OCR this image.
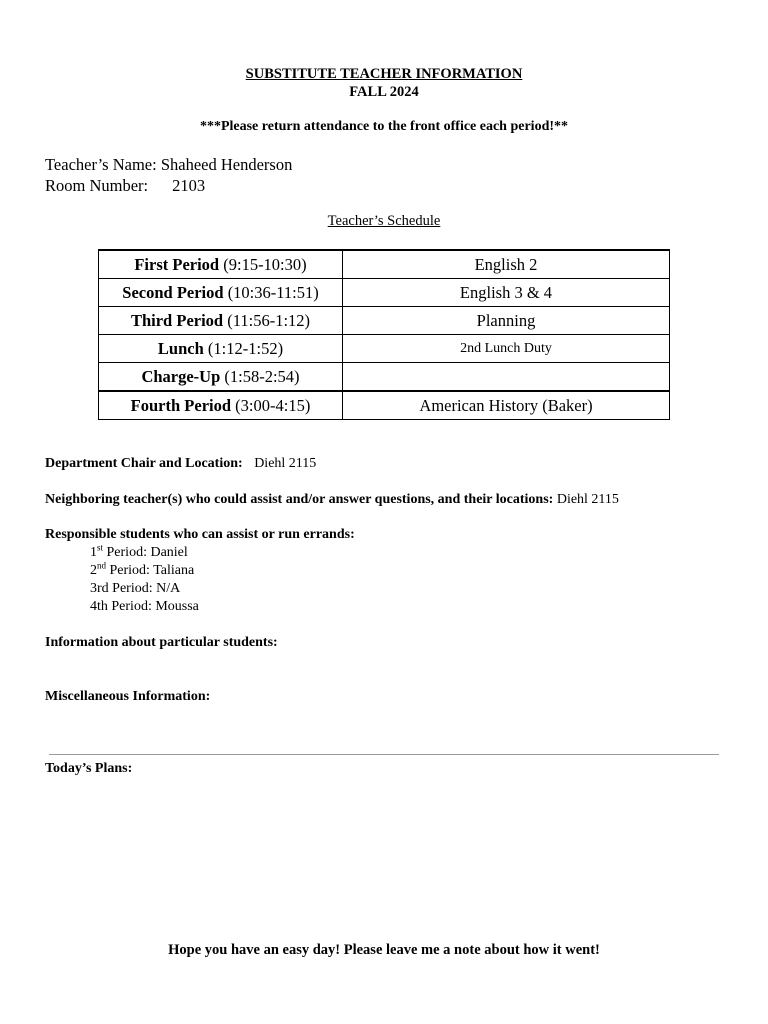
SUBSTITUTE TEACHER INFORMATION
FALL 2024
***Please return attendance to the front office each period!**
Teacher’s Name: Shaheed Henderson
Room Number: 2103
Teacher’s Schedule
First Period (9:15-10:30)	English 2
Second Period (10:36-11:51)	English 3 & 4
Third Period (11:56-1:12)	Planning
Lunch (1:12-1:52)	2nd Lunch Duty
Charge-Up (1:58-2:54)	
Fourth Period (3:00-4:15)	American History (Baker)
Department Chair and Location: Diehl 2115
Neighboring teacher(s) who could assist and/or answer questions, and their locations: Diehl 2115
Responsible students who can assist or run errands:
1st Period: Daniel
2nd Period: Taliana
3rd Period: N/A
4th Period: Moussa
Information about particular students:
Miscellaneous Information:
Today’s Plans:
Hope you have an easy day! Please leave me a note about how it went!
